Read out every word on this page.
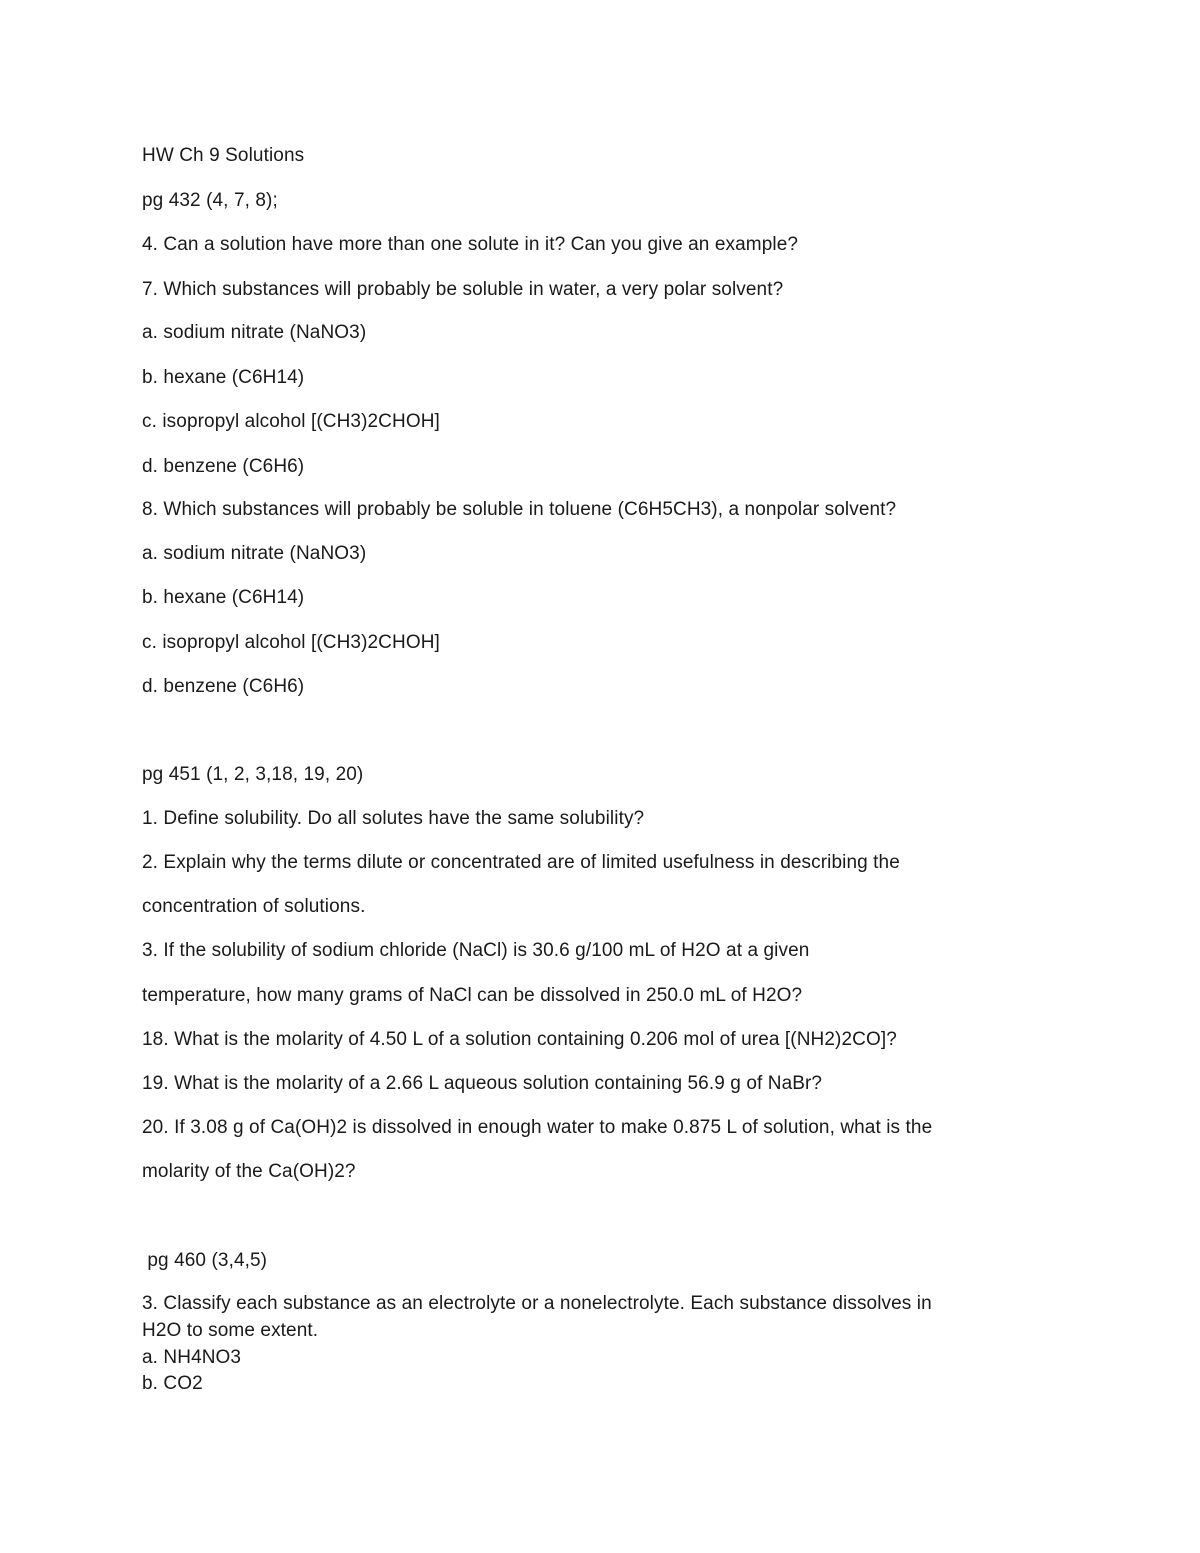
HW Ch 9 Solutions
pg 432 (4, 7, 8);
4. Can a solution have more than one solute in it? Can you give an example?
7. Which substances will probably be soluble in water, a very polar solvent?
a. sodium nitrate (NaNO3)
b. hexane (C6H14)
c. isopropyl alcohol [(CH3)2CHOH]
d. benzene (C6H6)
8. Which substances will probably be soluble in toluene (C6H5CH3), a nonpolar solvent?
a. sodium nitrate (NaNO3)
b. hexane (C6H14)
c. isopropyl alcohol [(CH3)2CHOH]
d. benzene (C6H6)
pg 451 (1, 2, 3,18, 19, 20)
1. Define solubility. Do all solutes have the same solubility?
2. Explain why the terms dilute or concentrated are of limited usefulness in describing the
concentration of solutions.
3. If the solubility of sodium chloride (NaCl) is 30.6 g/100 mL of H2O at a given
temperature, how many grams of NaCl can be dissolved in 250.0 mL of H2O?
18. What is the molarity of 4.50 L of a solution containing 0.206 mol of urea [(NH2)2CO]?
19. What is the molarity of a 2.66 L aqueous solution containing 56.9 g of NaBr?
20. If 3.08 g of Ca(OH)2 is dissolved in enough water to make 0.875 L of solution, what is the
molarity of the Ca(OH)2?
pg 460 (3,4,5)
3. Classify each substance as an electrolyte or a nonelectrolyte. Each substance dissolves in
H2O to some extent.
a. NH4NO3
b. CO2
